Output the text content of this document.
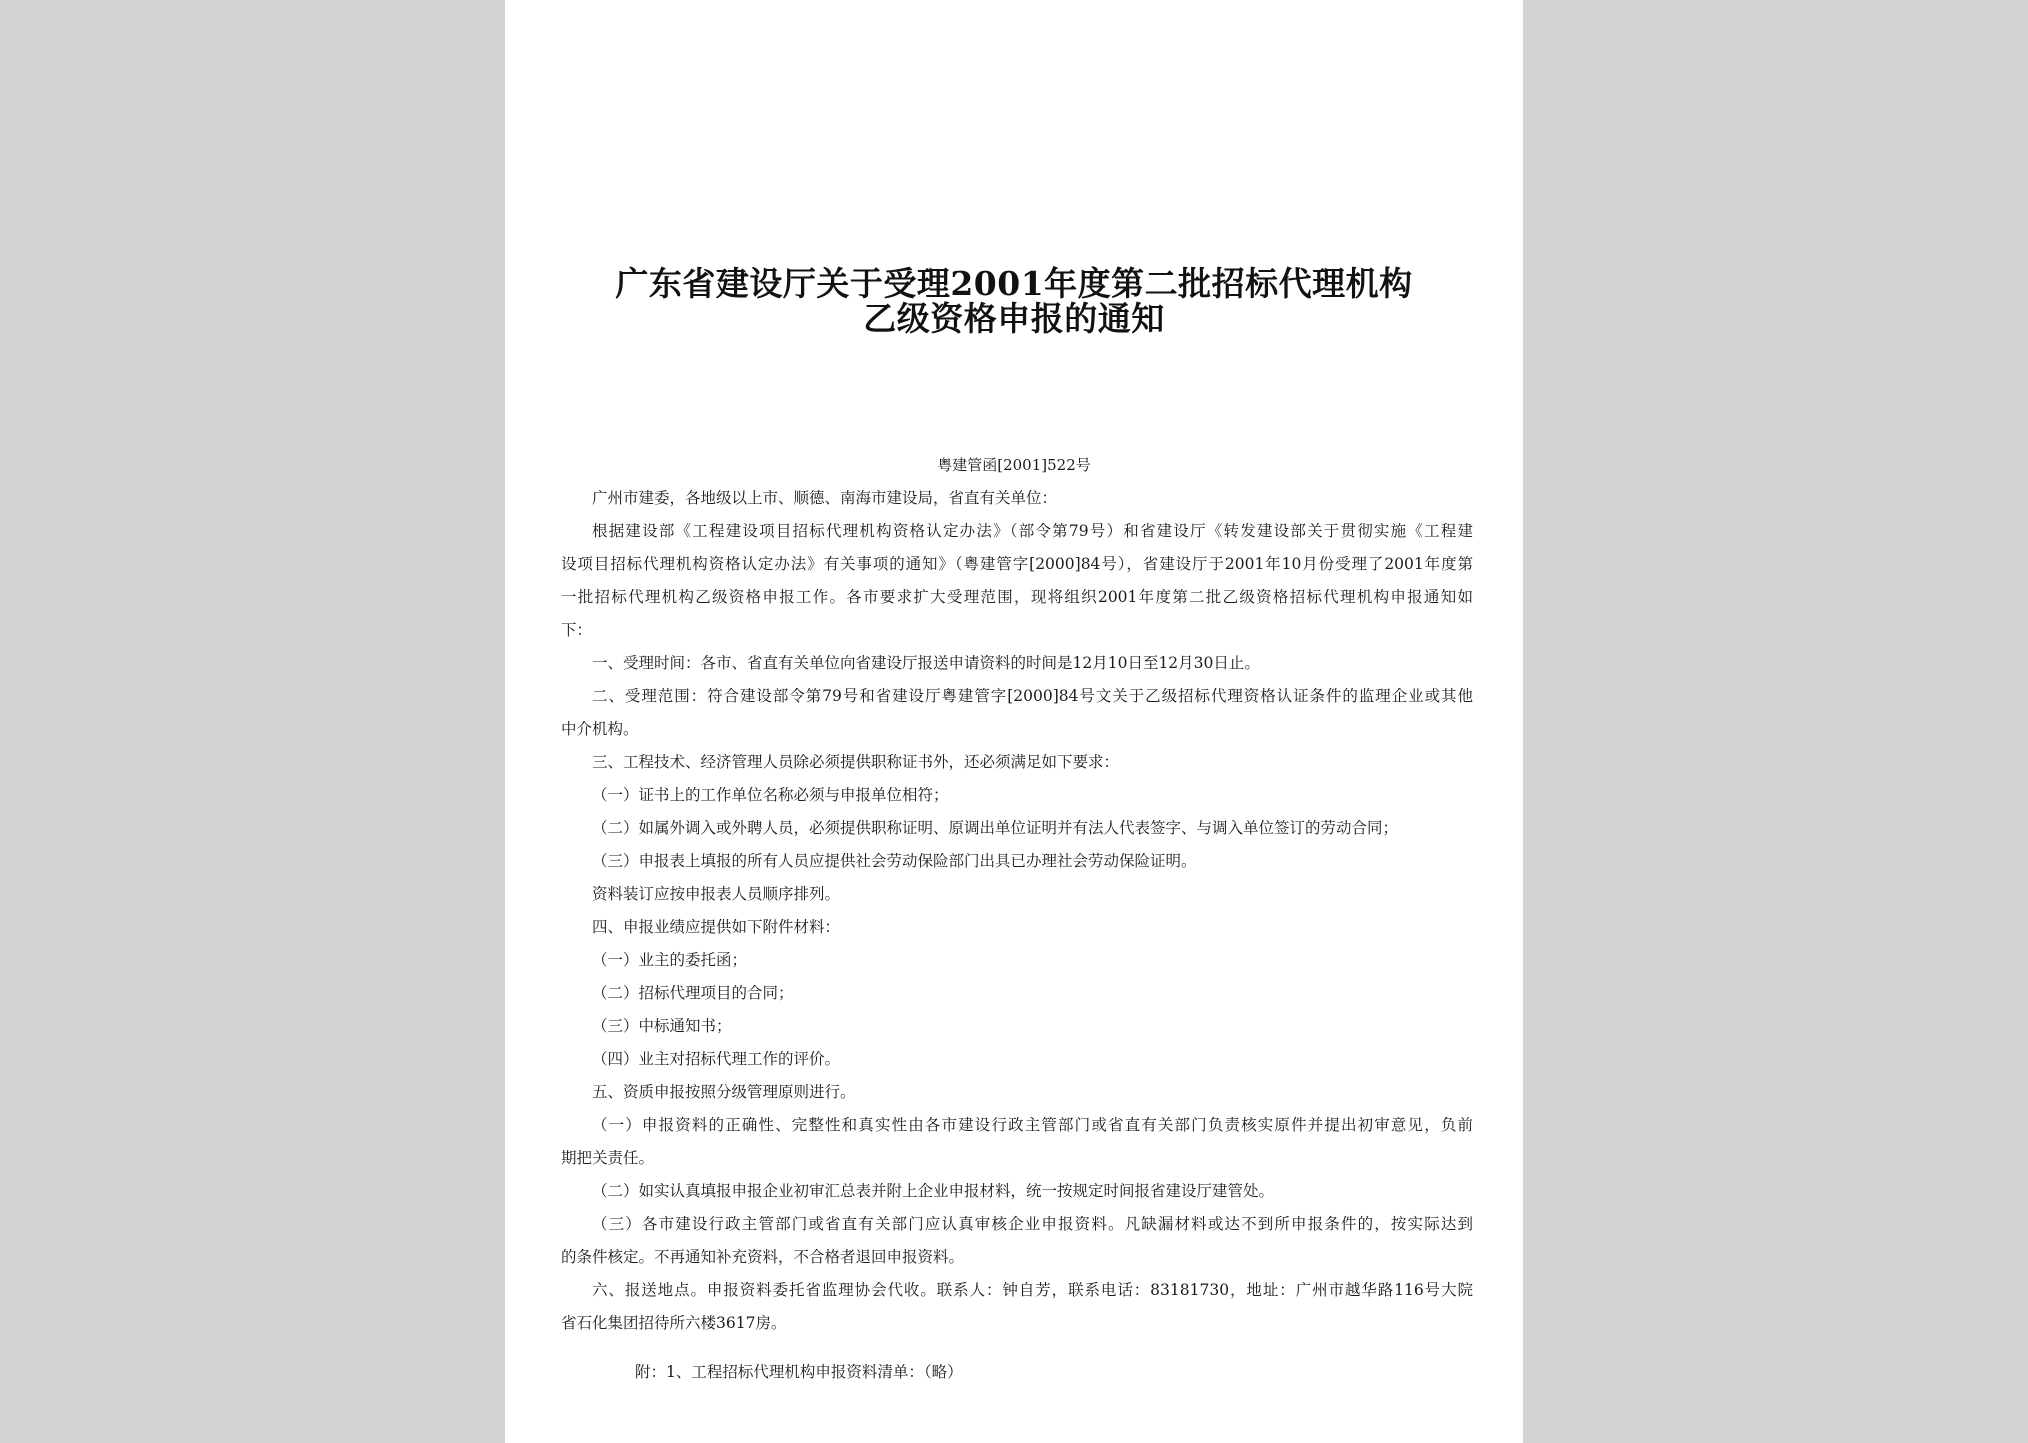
广东省建设厅关于受理2001年度第二批招标代理机构
乙级资格申报的通知
粤建管函[2001]522号
广州市建委，各地级以上市、顺德、南海市建设局，省直有关单位：
根据建设部《工程建设项目招标代理机构资格认定办法》（部令第79号）和省建设厅《转发建设部关于贯彻实施《工程建
设项目招标代理机构资格认定办法》有关事项的通知》（粤建管字[2000]84号），省建设厅于2001年10月份受理了2001年度第
一批招标代理机构乙级资格申报工作。各市要求扩大受理范围，现将组织2001年度第二批乙级资格招标代理机构申报通知如
下：
一、受理时间：各市、省直有关单位向省建设厅报送申请资料的时间是12月10日至12月30日止。
二、受理范围：符合建设部令第79号和省建设厅粤建管字[2000]84号文关于乙级招标代理资格认证条件的监理企业或其他
中介机构。
三、工程技术、经济管理人员除必须提供职称证书外，还必须满足如下要求：
（一）证书上的工作单位名称必须与申报单位相符；
（二）如属外调入或外聘人员，必须提供职称证明、原调出单位证明并有法人代表签字、与调入单位签订的劳动合同；
（三）申报表上填报的所有人员应提供社会劳动保险部门出具已办理社会劳动保险证明。
资料装订应按申报表人员顺序排列。
四、申报业绩应提供如下附件材料：
（一）业主的委托函；
（二）招标代理项目的合同；
（三）中标通知书；
（四）业主对招标代理工作的评价。
五、资质申报按照分级管理原则进行。
（一）申报资料的正确性、完整性和真实性由各市建设行政主管部门或省直有关部门负责核实原件并提出初审意见，负前
期把关责任。
（二）如实认真填报申报企业初审汇总表并附上企业申报材料，统一按规定时间报省建设厅建管处。
（三）各市建设行政主管部门或省直有关部门应认真审核企业申报资料。凡缺漏材料或达不到所申报条件的，按实际达到
的条件核定。不再通知补充资料，不合格者退回申报资料。
六、报送地点。申报资料委托省监理协会代收。联系人：钟自芳，联系电话：83181730，地址：广州市越华路116号大院
省石化集团招待所六楼3617房。
附：1、工程招标代理机构申报资料清单：（略）
